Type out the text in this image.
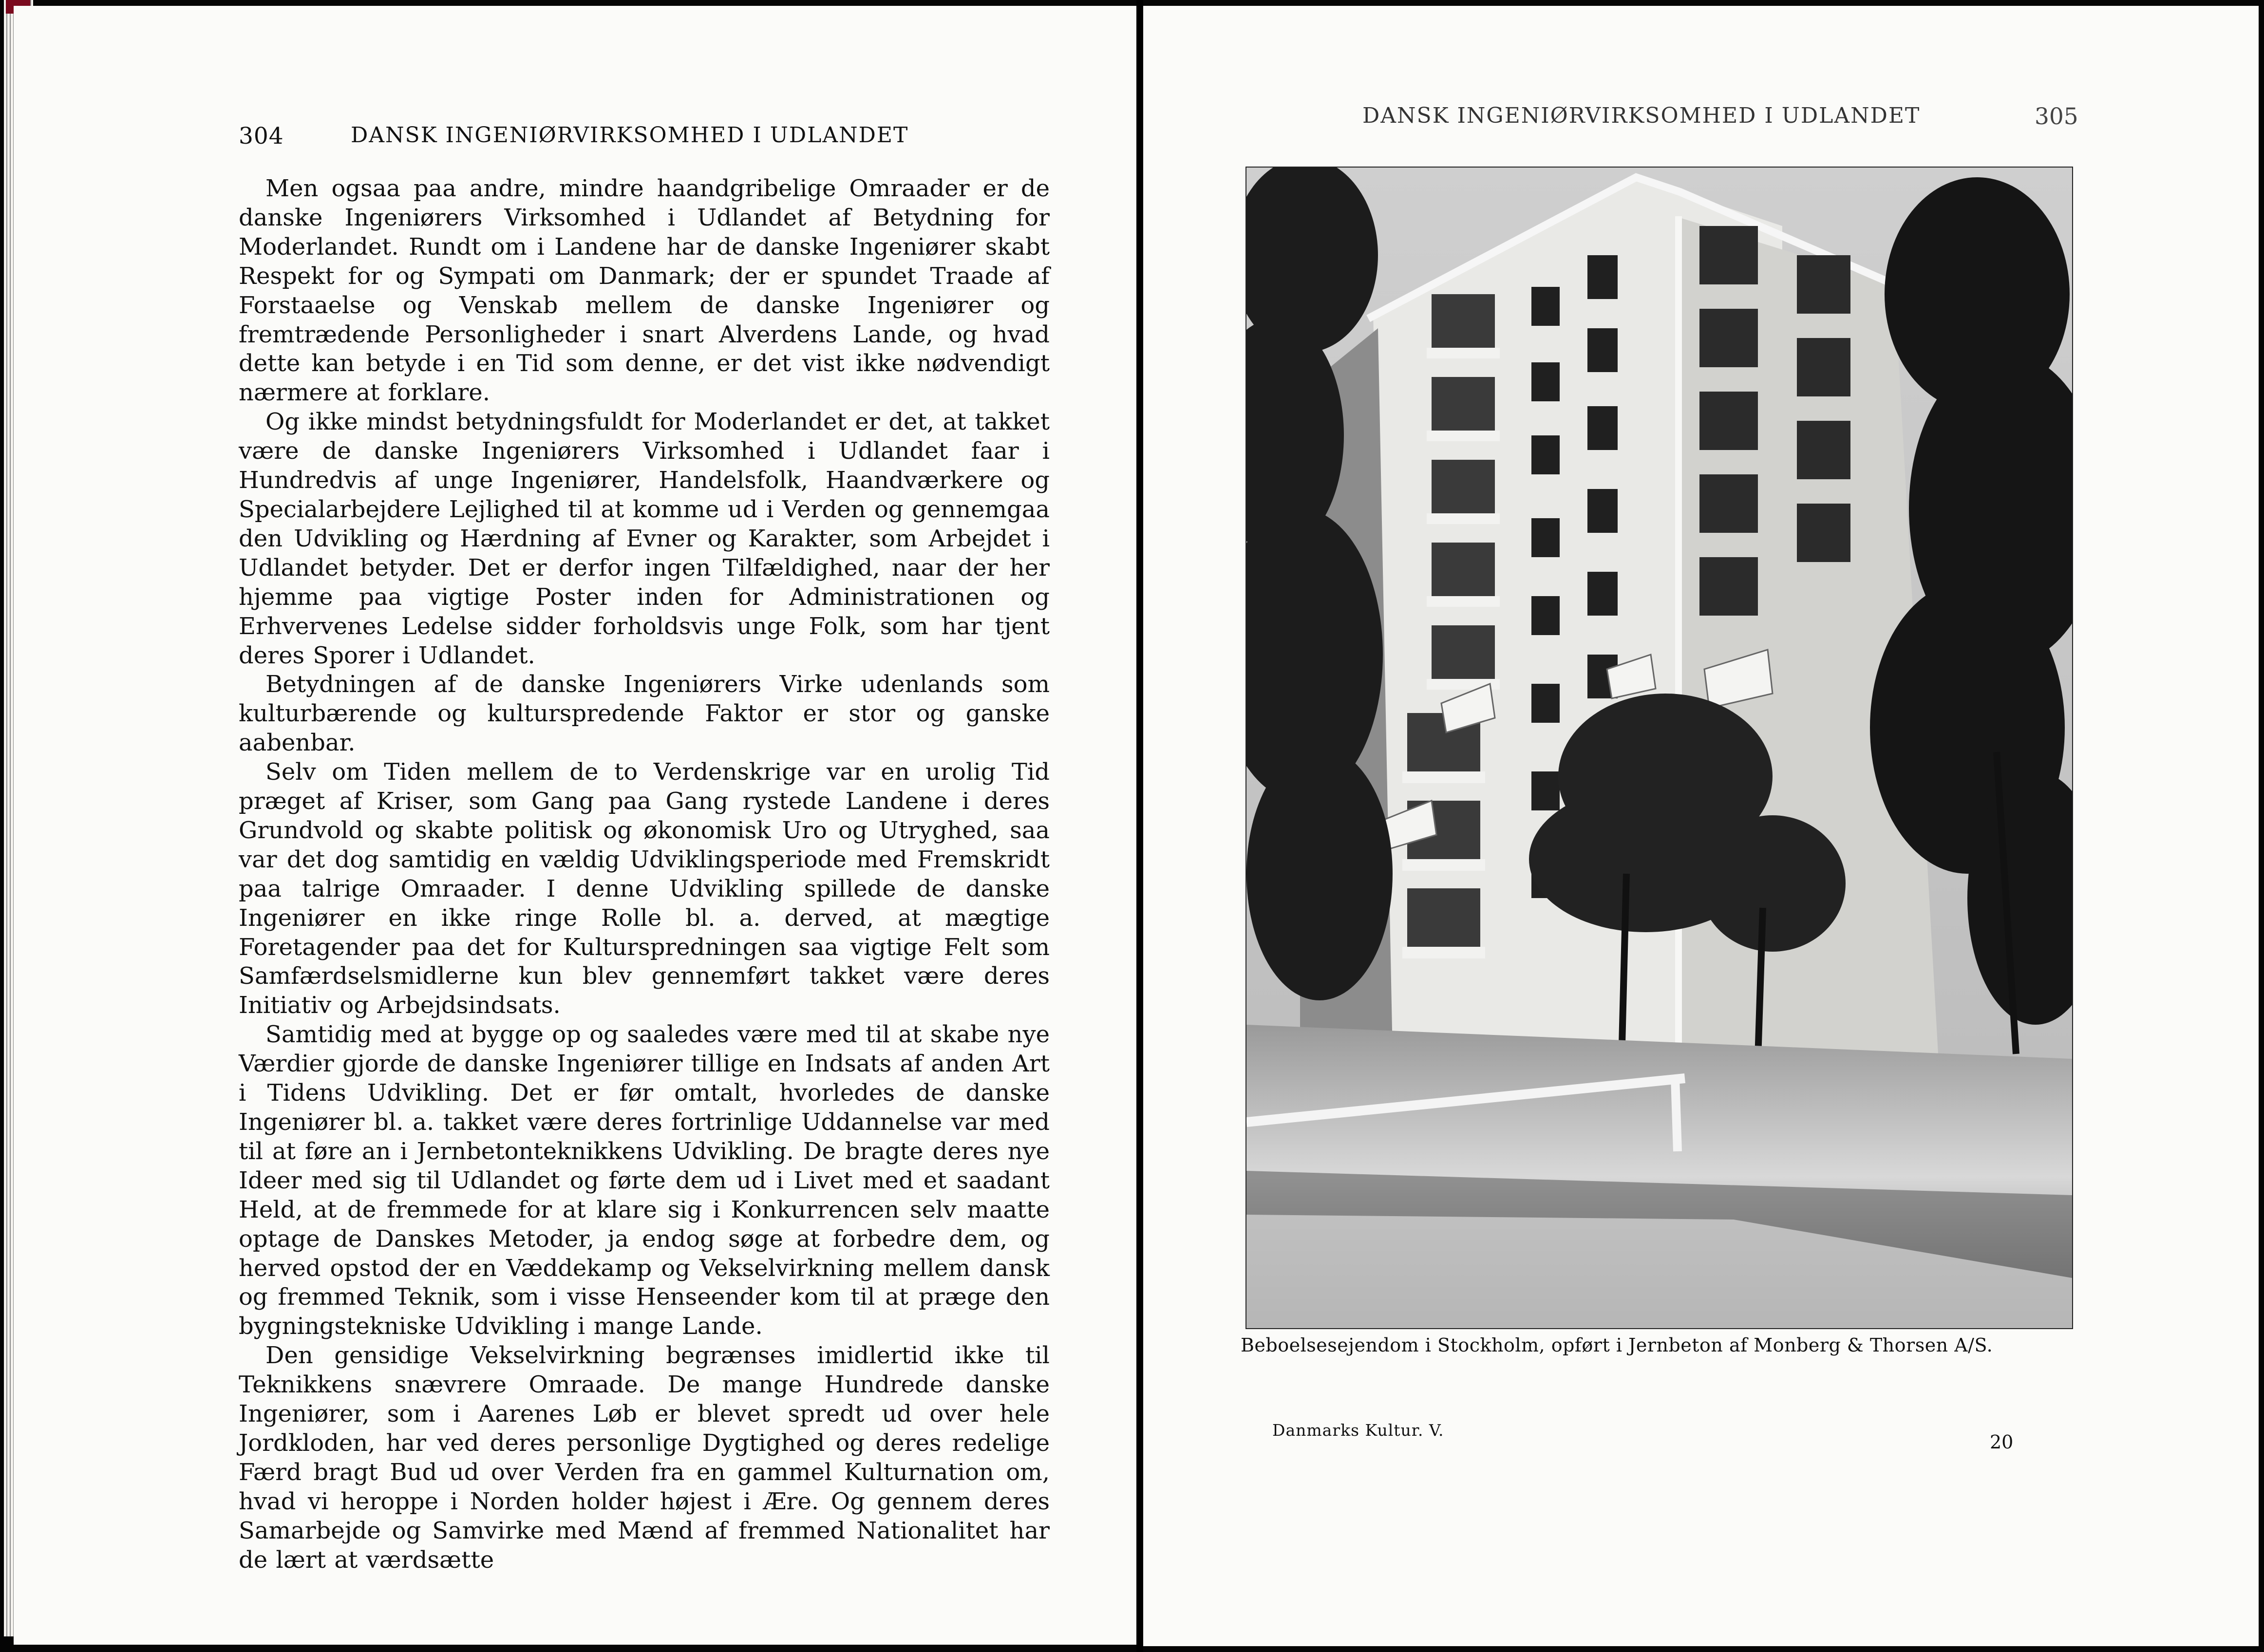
304	DANSK INGENIØRVIRKSOMHED I UDLANDET

Men ogsaa paa andre, mindre haandgribelige Omraader er de danske Ingeniørers Virksomhed i Udlandet af Betydning for Moderlandet. Rundt om i Landene har de danske Ingeniører skabt Respekt for og Sympati om Danmark; der er spundet Traade af Forstaaelse og Venskab mellem de danske Ingeniører og fremtrædende Personligheder i snart Alverdens Lande, og hvad dette kan betyde i en Tid som denne, er det vist ikke nødvendigt nærmere at forklare.

Og ikke mindst betydningsfuldt for Moderlandet er det, at takket være de danske Ingeniørers Virksomhed i Udlandet faar i Hundredvis af unge Ingeniører, Handelsfolk, Haandværkere og Specialarbejdere Lejlighed til at komme ud i Verden og gennemgaa den Udvikling og Hærdning af Evner og Karakter, som Arbejdet i Udlandet betyder. Det er derfor ingen Tilfældighed, naar der her hjemme paa vigtige Poster inden for Administrationen og Erhvervenes Ledelse sidder forholdsvis unge Folk, som har tjent deres Sporer i Udlandet.

Betydningen af de danske Ingeniørers Virke udenlands som kulturbærende og kulturspredende Faktor er stor og ganske aabenbar.

Selv om Tiden mellem de to Verdenskrige var en urolig Tid præget af Kriser, som Gang paa Gang rystede Landene i deres Grundvold og skabte politisk og økonomisk Uro og Utryghed, saa var det dog samtidig en vældig Udviklingsperiode med Fremskridt paa talrige Omraader. I denne Udvikling spillede de danske Ingeniører en ikke ringe Rolle bl. a. derved, at mægtige Foretagender paa det for Kulturspredningen saa vigtige Felt som Samfærdselsmidlerne kun blev gennemført takket være deres Initiativ og Arbejdsindsats.

Samtidig med at bygge op og saaledes være med til at skabe nye Værdier gjorde de danske Ingeniører tillige en Indsats af anden Art i Tidens Udvikling. Det er før omtalt, hvorledes de danske Ingeniører bl. a. takket være deres fortrinlige Uddannelse var med til at føre an i Jernbetonteknikkens Udvikling. De bragte deres nye Ideer med sig til Udlandet og førte dem ud i Livet med et saadant Held, at de fremmede for at klare sig i Konkurrencen selv maatte optage de Danskes Metoder, ja endog søge at forbedre dem, og herved opstod der en Væddekamp og Vekselvirkning mellem dansk og fremmed Teknik, som i visse Henseender kom til at præge den bygningstekniske Udvikling i mange Lande.

Den gensidige Vekselvirkning begrænses imidlertid ikke til Teknikkens snævrere Omraade. De mange Hundrede danske Ingeniører, som i Aarenes Løb er blevet spredt ud over hele Jordkloden, har ved deres personlige Dygtighed og deres redelige Færd bragt Bud ud over Verden fra en gammel Kulturnation om, hvad vi heroppe i Norden holder højest i Ære. Og gennem deres Samarbejde og Samvirke med Mænd af fremmed Nationalitet har de lært at værdsætte

DANSK INGENIØRVIRKSOMHED I UDLANDET	305
Beboelsesejendom i Stockholm, opført i Jernbeton af Monberg & Thorsen A/S.
Danmarks Kultur. V.
20
